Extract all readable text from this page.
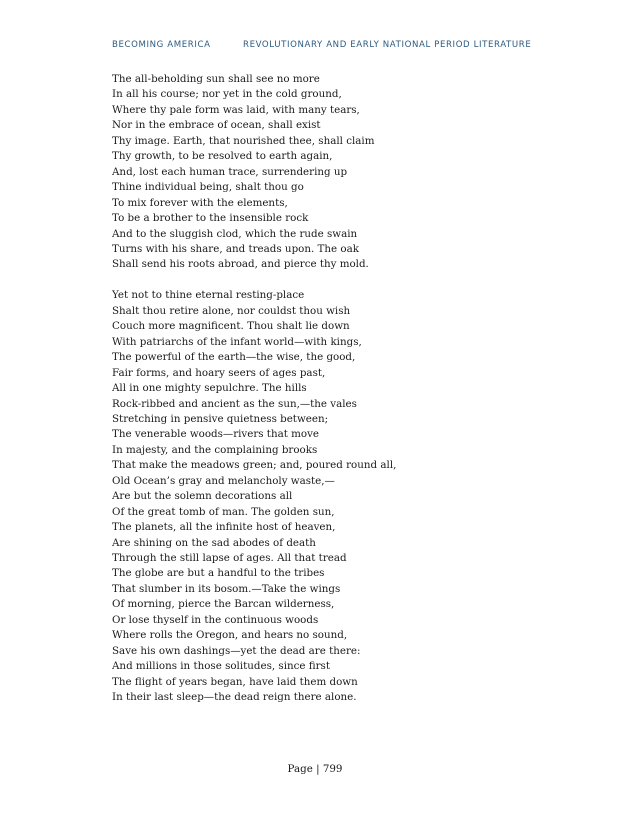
BECOMING AMERICA	REVOLUTIONARY AND EARLY NATIONAL PERIOD LITERATURE
The all-beholding sun shall see no more
In all his course; nor yet in the cold ground,
Where thy pale form was laid, with many tears,
Nor in the embrace of ocean, shall exist
Thy image. Earth, that nourished thee, shall claim
Thy growth, to be resolved to earth again,
And, lost each human trace, surrendering up
Thine individual being, shalt thou go
To mix forever with the elements,
To be a brother to the insensible rock
And to the sluggish clod, which the rude swain
Turns with his share, and treads upon. The oak
Shall send his roots abroad, and pierce thy mold.
Yet not to thine eternal resting-place
Shalt thou retire alone, nor couldst thou wish
Couch more magnificent. Thou shalt lie down
With patriarchs of the infant world—with kings,
The powerful of the earth—the wise, the good,
Fair forms, and hoary seers of ages past,
All in one mighty sepulchre. The hills
Rock-ribbed and ancient as the sun,—the vales
Stretching in pensive quietness between;
The venerable woods—rivers that move
In majesty, and the complaining brooks
That make the meadows green; and, poured round all,
Old Ocean’s gray and melancholy waste,—
Are but the solemn decorations all
Of the great tomb of man. The golden sun,
The planets, all the infinite host of heaven,
Are shining on the sad abodes of death
Through the still lapse of ages. All that tread
The globe are but a handful to the tribes
That slumber in its bosom.—Take the wings
Of morning, pierce the Barcan wilderness,
Or lose thyself in the continuous woods
Where rolls the Oregon, and hears no sound,
Save his own dashings—yet the dead are there:
And millions in those solitudes, since first
The flight of years began, have laid them down
In their last sleep—the dead reign there alone.
Page | 799
